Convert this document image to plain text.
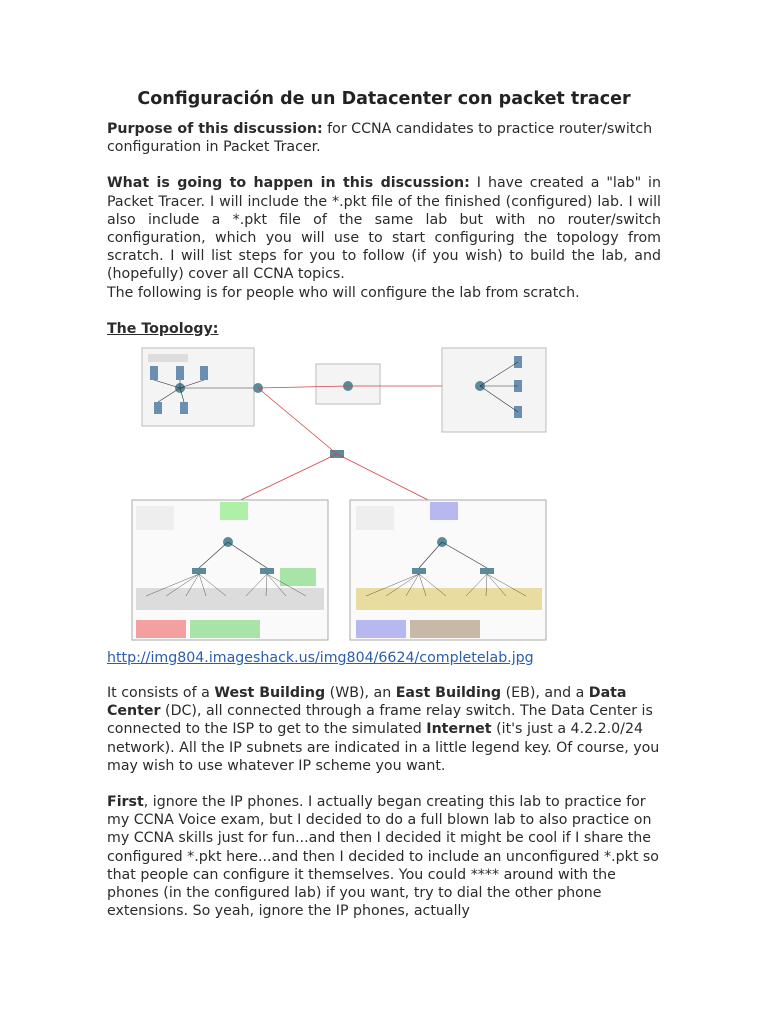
Configuración de un Datacenter con packet tracer

Purpose of this discussion: for CCNA candidates to practice router/switch configuration in Packet Tracer.

What is going to happen in this discussion: I have created a "lab" in Packet Tracer. I will include the *.pkt file of the finished (configured) lab. I will also include a *.pkt file of the same lab but with no router/switch configuration, which you will use to start configuring the topology from scratch. I will list steps for you to follow (if you wish) to build the lab, and (hopefully) cover all CCNA topics.

The following is for people who will configure the lab from scratch.

The Topology:

http://img804.imageshack.us/img804/6624/completelab.jpg

It consists of a West Building (WB), an East Building (EB), and a Data Center (DC), all connected through a frame relay switch. The Data Center is connected to the ISP to get to the simulated Internet (it's just a 4.2.2.0/24 network). All the IP subnets are indicated in a little legend key. Of course, you may wish to use whatever IP scheme you want.

First, ignore the IP phones. I actually began creating this lab to practice for my CCNA Voice exam, but I decided to do a full blown lab to also practice on my CCNA skills just for fun...and then I decided it might be cool if I share the configured *.pkt here...and then I decided to include an unconfigured *.pkt so that people can configure it themselves. You could **** around with the phones (in the configured lab) if you want, try to dial the other phone extensions. So yeah, ignore the IP phones, actually
